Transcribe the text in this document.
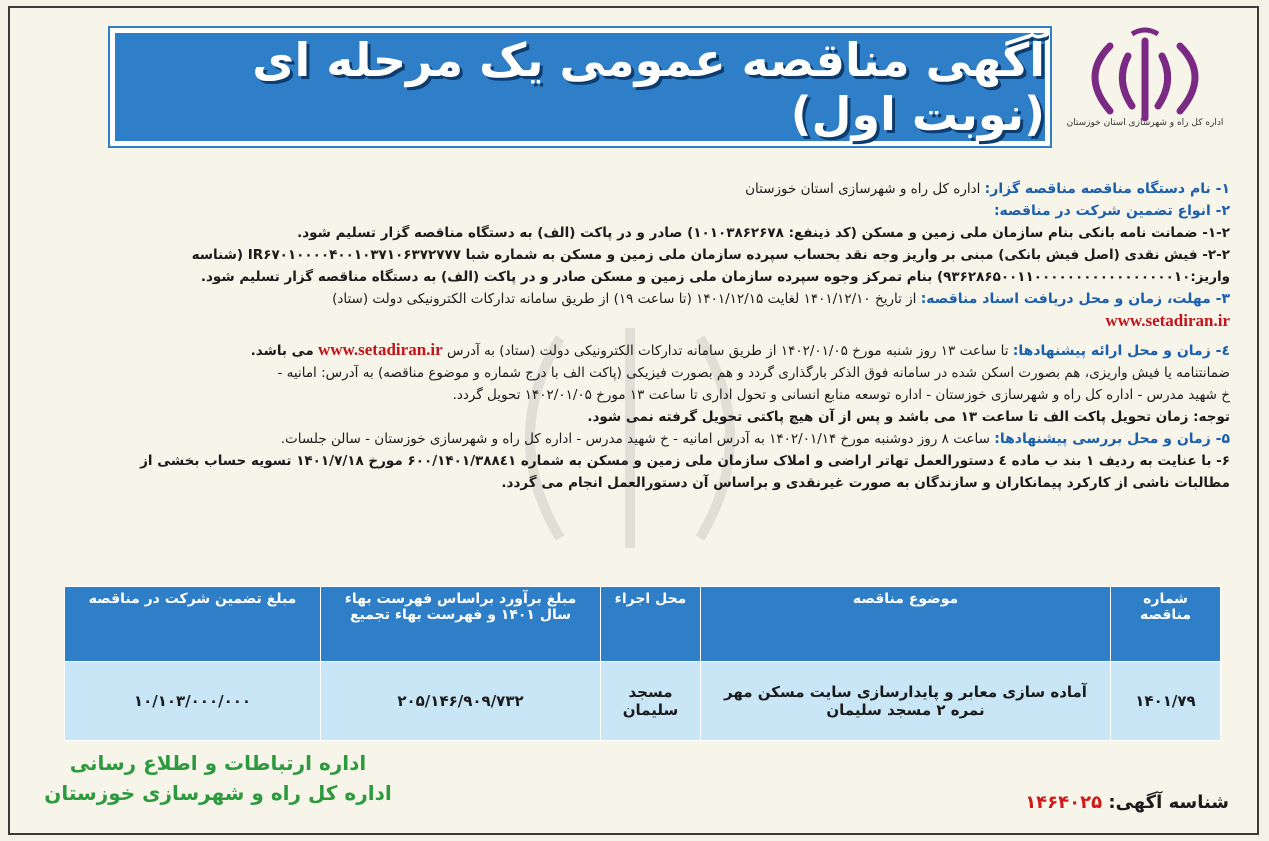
آگهی مناقصه عمومی یک مرحله ای (نوبت اول)	اداره کل راه و شهرسازی استان خوزستان
۱- نام دستگاه مناقصه مناقصه گزار: اداره کل راه و شهرسازی استان خوزستان
۲- انواع تضمین شرکت در مناقصه:
۱-۲- ضمانت نامه بانکی بنام سازمان ملی زمین و مسکن (کد ذینفع: ۱۰۱۰۳۸۶۲۶۷۸) صادر و در پاکت (الف) به دستگاه مناقصه گزار تسلیم شود.
۲-۲- فیش نقدی (اصل فیش بانکی) مبنی بر واریز وجه نقد بحساب سپرده سازمان ملی زمین و مسکن به شماره شبا IR۶۷۰۱۰۰۰۰۴۰۰۱۰۳۷۱۰۶۳۷۲۷۷۷ (شناسه
واریز:۹۳۶۲۸۶۵۰۰۱۱۰۰۰۰۰۰۰۰۰۰۰۰۰۰۰۰۰۱۰) بنام تمرکز وجوه سپرده سازمان ملی زمین و مسکن صادر و در پاکت (الف) به دستگاه مناقصه گزار تسلیم شود.
۳- مهلت، زمان و محل دریافت اسناد مناقصه: از تاریخ ۱۴۰۱/۱۲/۱۰ لغایت ۱۴۰۱/۱۲/۱۵ (تا ساعت ۱۹) از طریق سامانه تدارکات الکترونیکی دولت (ستاد)
www.setadiran.ir
٤- زمان و محل ارائه پیشنهادها: تا ساعت ۱۳ روز شنبه مورخ ۱۴۰۲/۰۱/۰۵ از طریق سامانه تدارکات الکترونیکی دولت (ستاد) به آدرس www.setadiran.ir می باشد.
ضمانتنامه یا فیش واریزی، هم بصورت اسکن شده در سامانه فوق الذکر بارگذاری گردد و هم بصورت فیزیکی (پاکت الف با درج شماره و موضوع مناقصه) به آدرس: امانیه -
خ شهید مدرس - اداره کل راه و شهرسازی خوزستان - اداره توسعه منابع انسانی و تحول اداری تا ساعت ۱۳ مورخ ۱۴۰۲/۰۱/۰۵ تحویل گردد.
توجه: زمان تحویل پاکت الف تا ساعت ۱۳ می باشد و پس از آن هیچ پاکتی تحویل گرفته نمی شود.
۵- زمان و محل بررسی پیشنهادها: ساعت ۸ روز دوشنبه مورخ ۱۴۰۲/۰۱/۱۴ به آدرس امانیه - خ شهید مدرس - اداره کل راه و شهرسازی خوزستان - سالن جلسات.
۶- با عنایت به ردیف ۱ بند ب ماده ٤ دستورالعمل تهاتر اراضی و املاک سازمان ملی زمین و مسکن به شماره ۶۰۰/۱۴۰۱/۳۸۸٤۱ مورخ ۱۴۰۱/۷/۱۸ تسویه حساب بخشی از
مطالبات ناشی از کارکرد پیمانکاران و سازندگان به صورت غیرنقدی و براساس آن دستورالعمل انجام می گردد.
شماره مناقصه	موضوع مناقصه	محل اجراء	مبلغ برآورد براساس فهرست بهاء سال ۱۴۰۱ و فهرست بهاء تجمیع	مبلغ تضمین شرکت در مناقصه
۱۴۰۱/۷۹	آماده سازی معابر و پایدارسازی سایت مسکن مهر نمره ۲ مسجد سلیمان	مسجد سلیمان	۲۰۵/۱۴۶/۹۰۹/۷۳۲	۱۰/۱۰۳/۰۰۰/۰۰۰
اداره ارتباطات و اطلاع رسانی
اداره کل راه و شهرسازی خوزستان	شناسه آگهی: ۱۴۶۴۰۲۵
